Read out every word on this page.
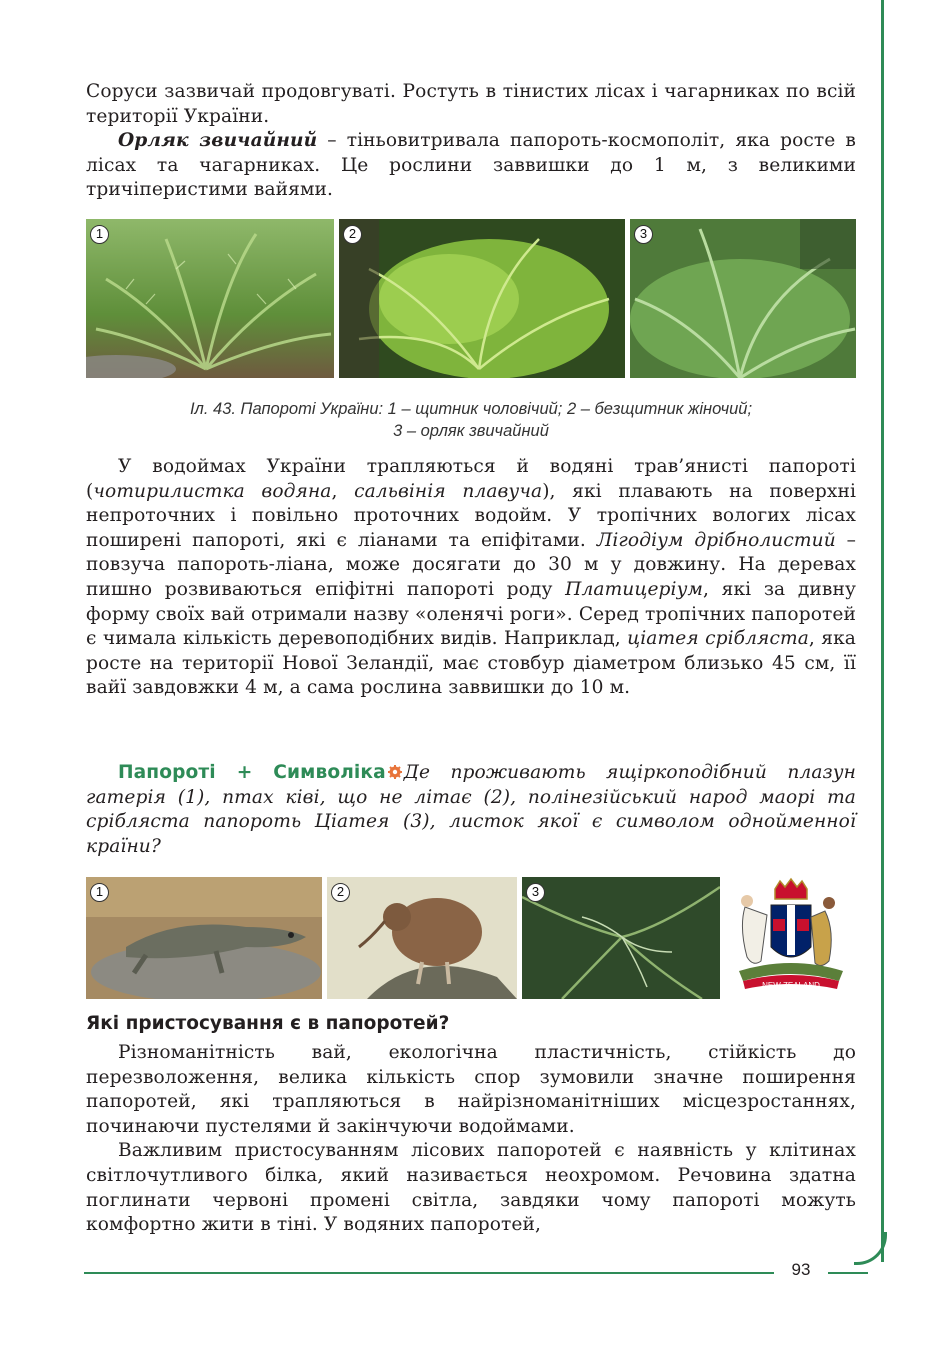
Соруси зазвичай продовгуваті. Ростуть в тінистих лісах і чагарниках по всій території України.

Орляк звичайний – тіньовитривала папороть-космополіт, яка росте в лісах та чагарниках. Це рослини заввишки до 1 м, з великими тричіперистими вайями.

1	2	3
Іл. 43. Папороті України: 1 – щитник чоловічий; 2 – безщитник жіночий;
3 – орляк звичайний

У водоймах України трапляються й водяні трав’янисті папороті (чотирилистка водяна, сальвінія плавуча), які плавають на поверхні непроточних і повільно проточних водойм. У тропічних вологих лісах поширені папороті, які є ліанами та епіфітами. Лігодіум дрібнолистий – повзуча папороть-ліана, може досягати до 30 м у довжину. На деревах пишно розвиваються епіфітні папороті роду Платицеріум, які за дивну форму своїх вай отримали назву «оленячі роги». Серед тропічних папоротей є чимала кількість деревоподібних видів. Наприклад, ціатея срібляста, яка росте на території Нової Зеландії, має стовбур діаметром близько 45 см, її вайї завдовжки 4 м, а сама рослина заввишки до 10 м.

Папороті + Символіка Де проживають ящіркоподібний плазун гатерія (1), птах ківі, що не літає (2), полінезійський народ маорі та срібляста папороть Ціатея (3), листок якої є символом однойменної країни?

1	2	3
NEW ZEALAND
Які пристосування є в папоротей?

Різноманітність вай, екологічна пластичність, стійкість до перезволоження, велика кількість спор зумовили значне поширення папоротей, які трапляються в найрізноманітніших місцезростаннях, починаючи пустелями й закінчуючи водоймами.

Важливим пристосуванням лісових папоротей є наявність у клітинах світлочутливого білка, який називається неохромом. Речовина здатна поглинати червоні промені світла, завдяки чому папороті можуть комфортно жити в тіні. У водяних папоротей,

93
